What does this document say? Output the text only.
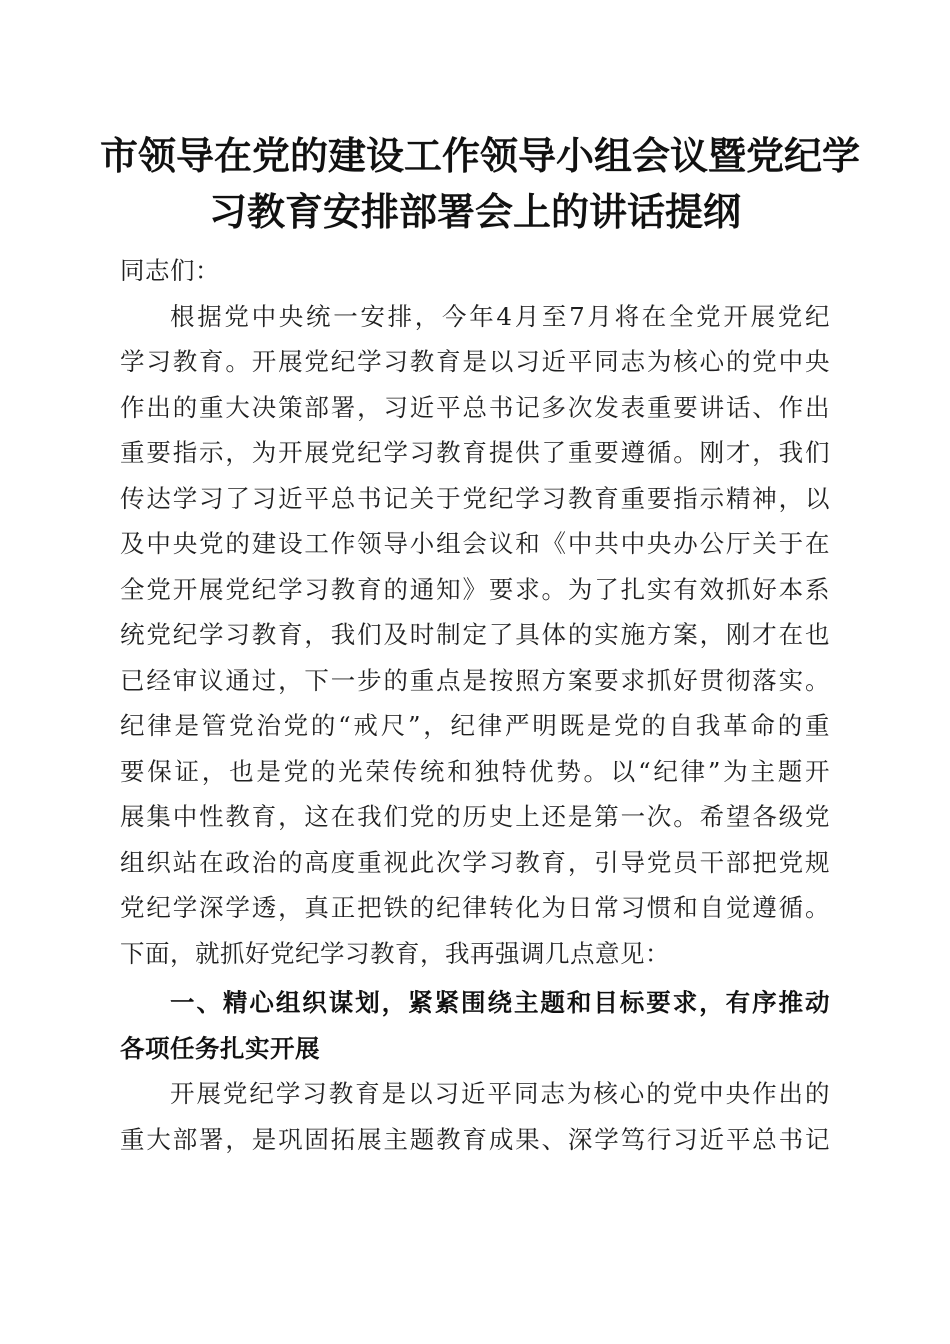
市领导在党的建设工作领导小组会议暨党纪学
习教育安排部署会上的讲话提纲
同志们：
根据党中央统一安排，今年4月至7月将在全党开展党纪
学习教育。开展党纪学习教育是以习近平同志为核心的党中央
作出的重大决策部署，习近平总书记多次发表重要讲话、作出
重要指示，为开展党纪学习教育提供了重要遵循。刚才，我们
传达学习了习近平总书记关于党纪学习教育重要指示精神，以
及中央党的建设工作领导小组会议和《中共中央办公厅关于在
全党开展党纪学习教育的通知》要求。为了扎实有效抓好本系
统党纪学习教育，我们及时制定了具体的实施方案，刚才在也
已经审议通过，下一步的重点是按照方案要求抓好贯彻落实。
纪律是管党治党的“戒尺”，纪律严明既是党的自我革命的重
要保证，也是党的光荣传统和独特优势。以“纪律”为主题开
展集中性教育，这在我们党的历史上还是第一次。希望各级党
组织站在政治的高度重视此次学习教育，引导党员干部把党规
党纪学深学透，真正把铁的纪律转化为日常习惯和自觉遵循。
下面，就抓好党纪学习教育，我再强调几点意见：
一、精心组织谋划，紧紧围绕主题和目标要求，有序推动
各项任务扎实开展
开展党纪学习教育是以习近平同志为核心的党中央作出的
重大部署，是巩固拓展主题教育成果、深学笃行习近平总书记
